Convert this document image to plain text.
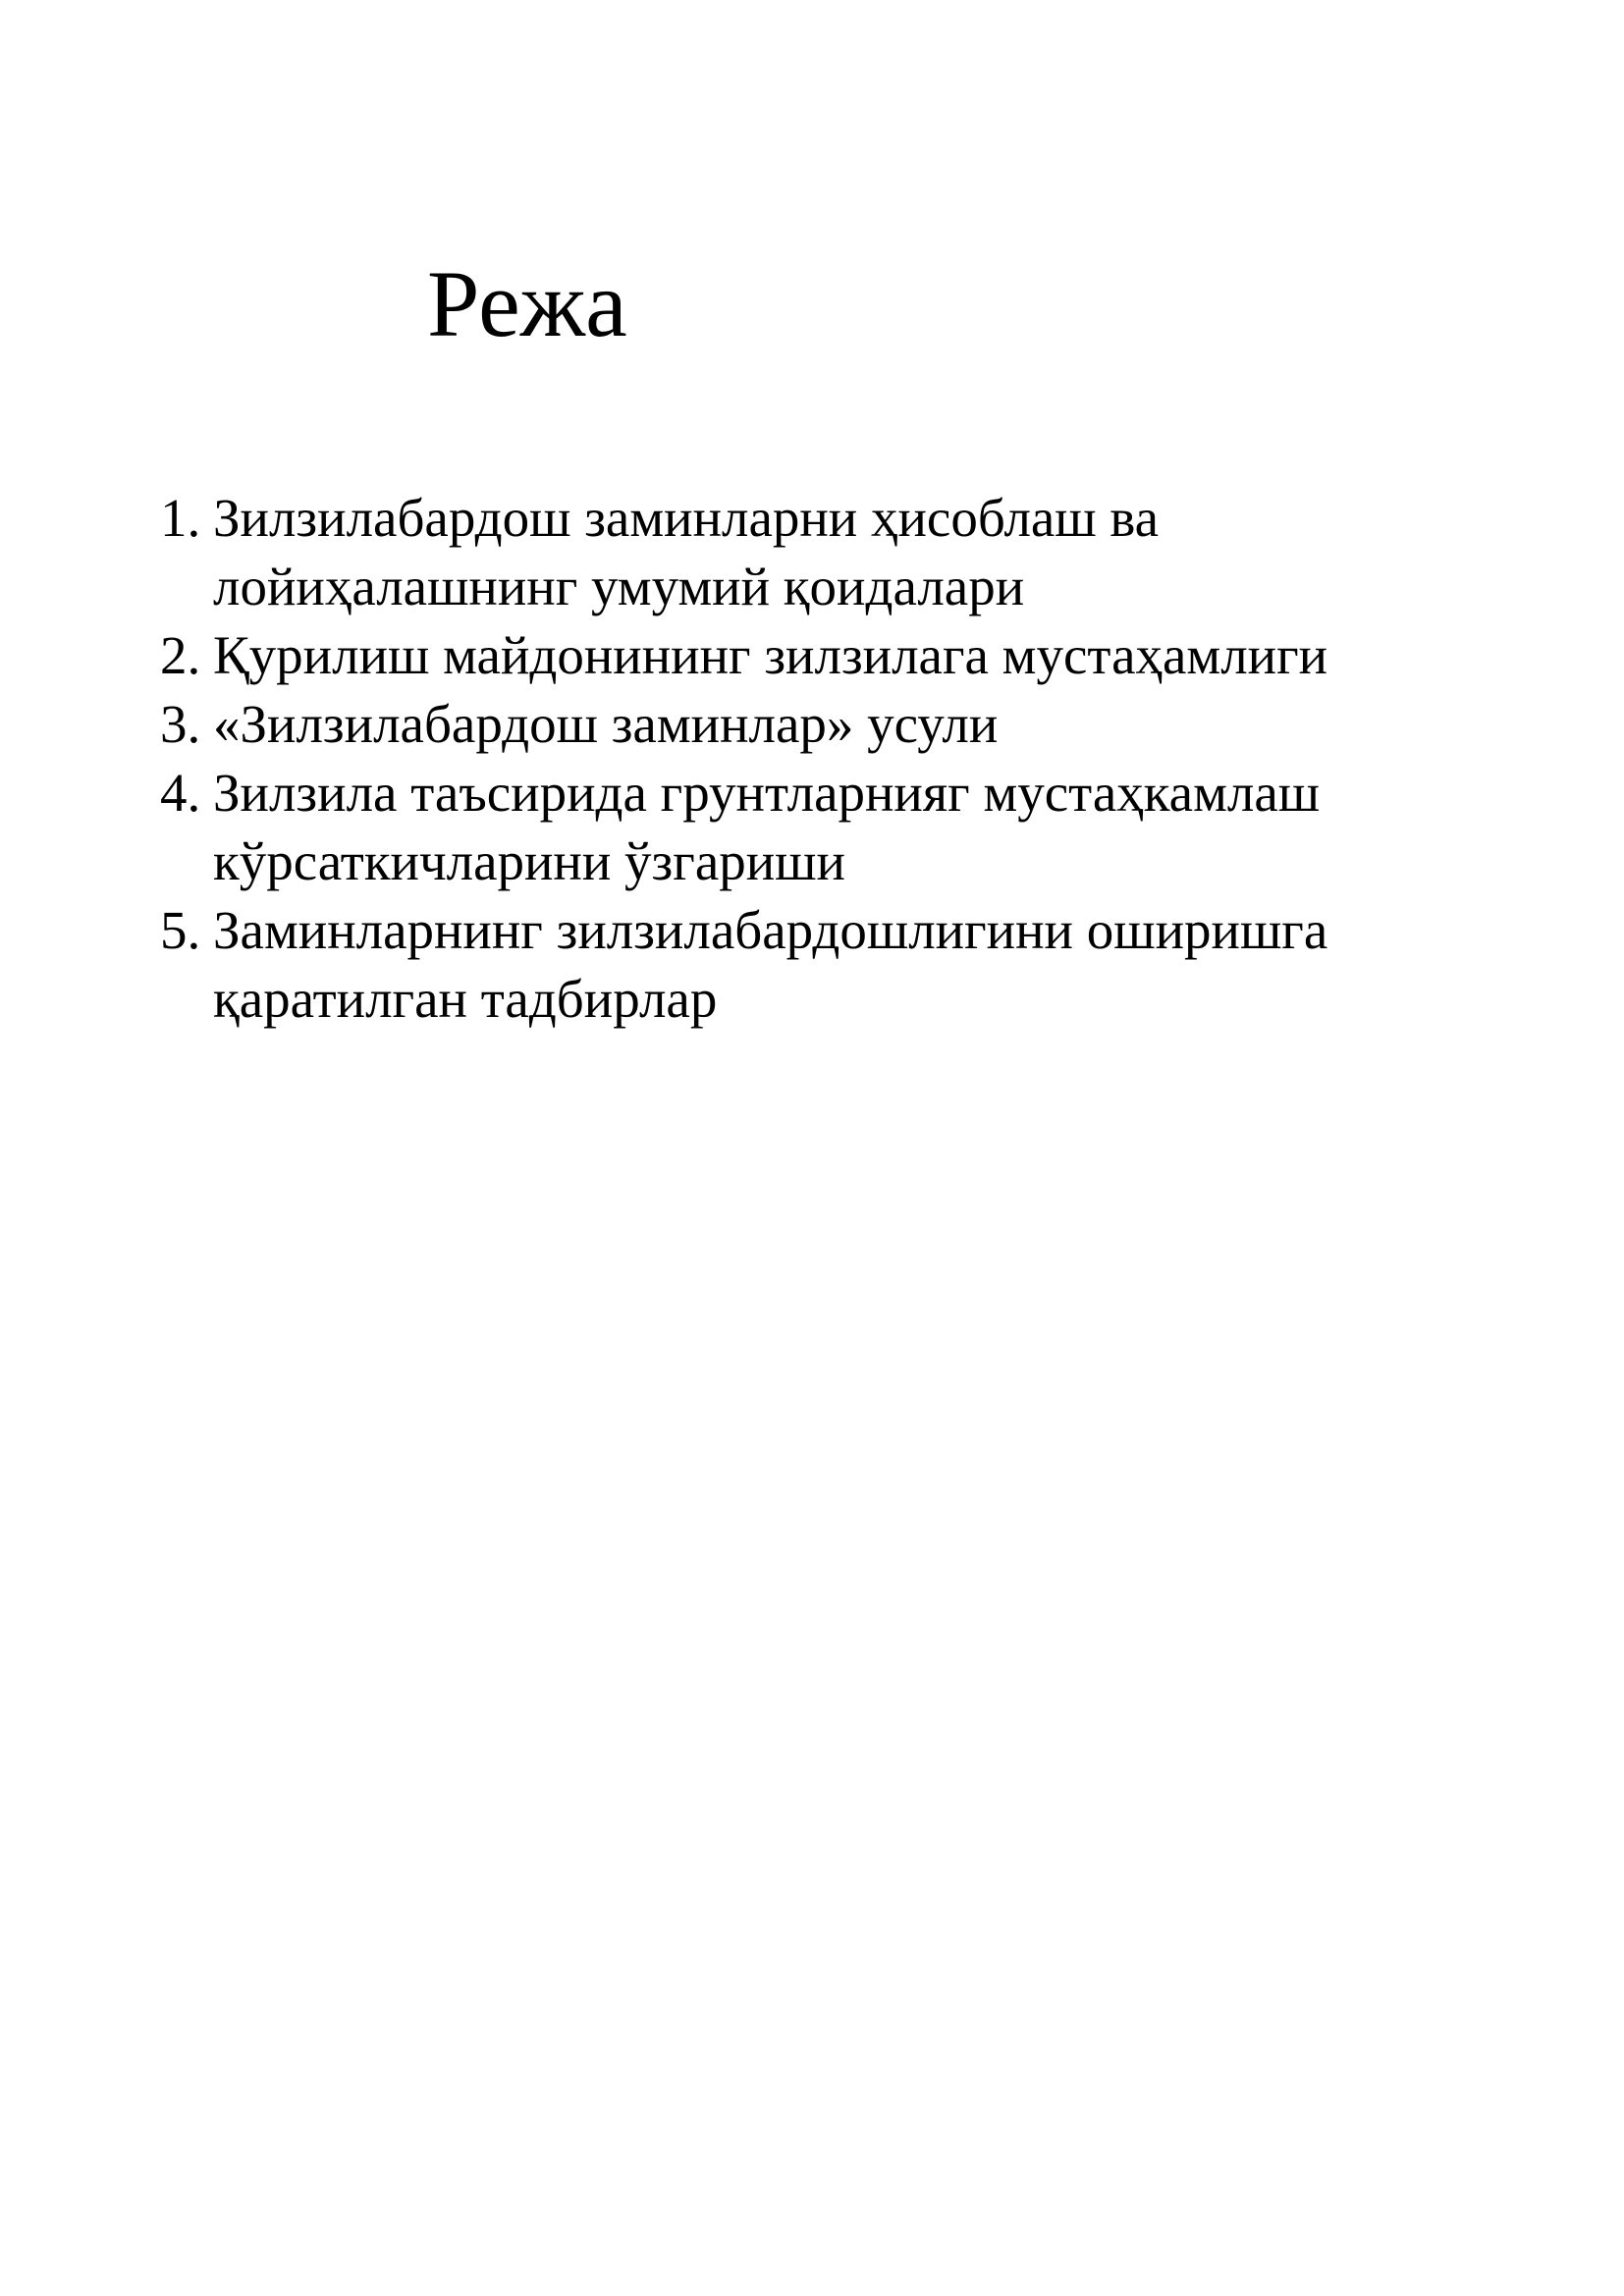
Режа
1. Зилзилабардош заминларни ҳисоблаш ва
лойиҳалашнинг умумий қоидалари
2. Қурилиш майдонининг зилзилага мустаҳамлиги
3. «Зилзилабардош заминлар» усули
4. Зилзила таъсирида грунтларнияг мустаҳкамлаш
кўрсаткичларини ўзгариши
5. Заминларнинг зилзилабардошлигини оширишга
қаратилган тадбирлар
